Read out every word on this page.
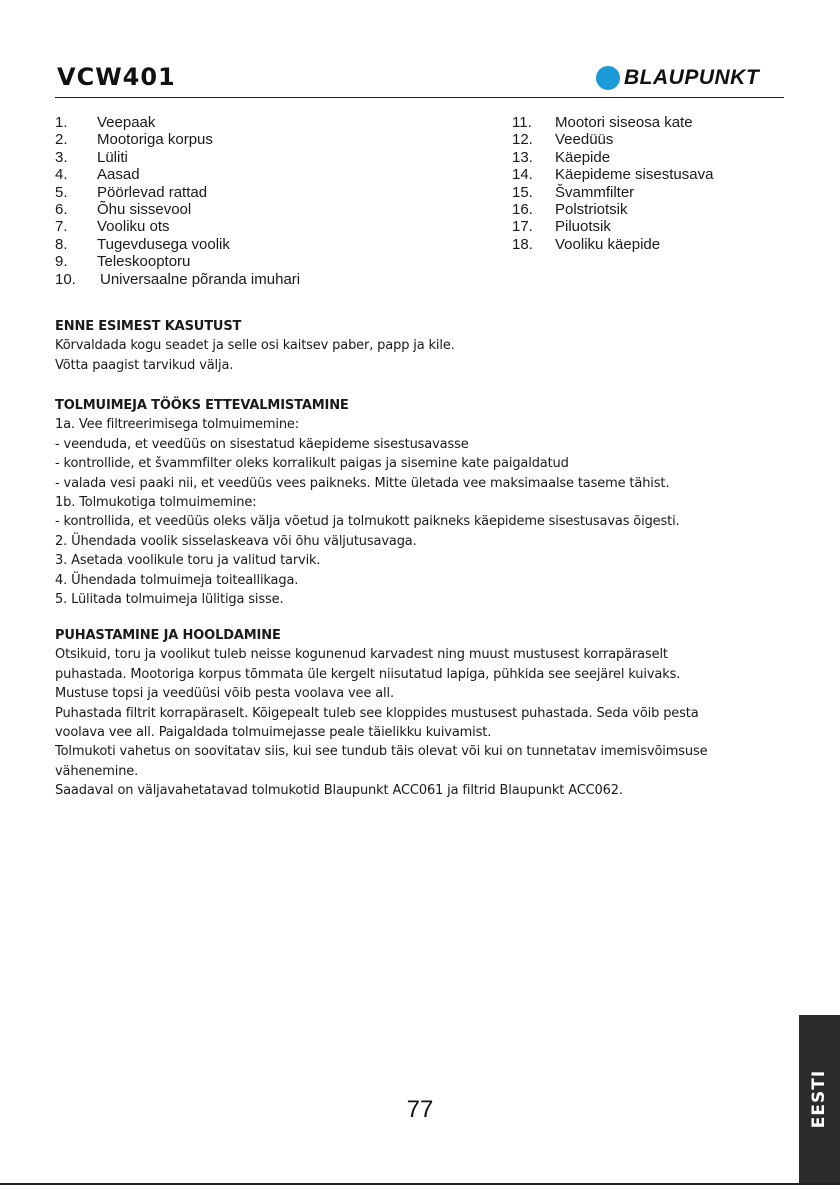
VCW401	BLAUPUNKT
1.	Veepaak
2.	Mootoriga korpus
3.	Lüliti
4.	Aasad
5.	Pöörlevad rattad
6.	Õhu sissevool
7.	Vooliku ots
8.	Tugevdusega voolik
9.	Teleskooptoru
10.	Universaalne põranda imuhari
11.	Mootori siseosa kate
12.	Veedüüs
13.	Käepide
14.	Käepideme sisestusava
15.	Švammfilter
16.	Polstriotsik
17.	Piluotsik
18.	Vooliku käepide
ENNE ESIMEST KASUTUST

Kõrvaldada kogu seadet ja selle osi kaitsev paber, papp ja kile.

Võtta paagist tarvikud välja.

TOLMUIMEJA TÖÖKS ETTEVALMISTAMINE

1a. Vee filtreerimisega tolmuimemine:

- veenduda, et veedüüs on sisestatud käepideme sisestusavasse

- kontrollide, et švammfilter oleks korralikult paigas ja sisemine kate paigaldatud

- valada vesi paaki nii, et veedüüs vees paikneks. Mitte ületada vee maksimaalse taseme tähist.

1b. Tolmukotiga tolmuimemine:

- kontrollida, et veedüüs oleks välja võetud ja tolmukott paikneks käepideme sisestusavas õigesti.

2. Ühendada voolik sisselaskeava või õhu väljutusavaga.

3. Asetada voolikule toru ja valitud tarvik.

4. Ühendada tolmuimeja toiteallikaga.

5. Lülitada tolmuimeja lülitiga sisse.

PUHASTAMINE JA HOOLDAMINE

Otsikuid, toru ja voolikut tuleb neisse kogunenud karvadest ning muust mustusest korrapäraselt

puhastada. Mootoriga korpus tõmmata üle kergelt niisutatud lapiga, pühkida see seejärel kuivaks.

Mustuse topsi ja veedüüsi võib pesta voolava vee all.

Puhastada filtrit korrapäraselt. Kõigepealt tuleb see kloppides mustusest puhastada. Seda võib pesta

voolava vee all. Paigaldada tolmuimejasse peale täielikku kuivamist.

Tolmukoti vahetus on soovitatav siis, kui see tundub täis olevat või kui on tunnetatav imemisvõimsuse

vähenemine.

Saadaval on väljavahetatavad tolmukotid Blaupunkt ACC061 ja filtrid Blaupunkt ACC062.

77	EESTI
